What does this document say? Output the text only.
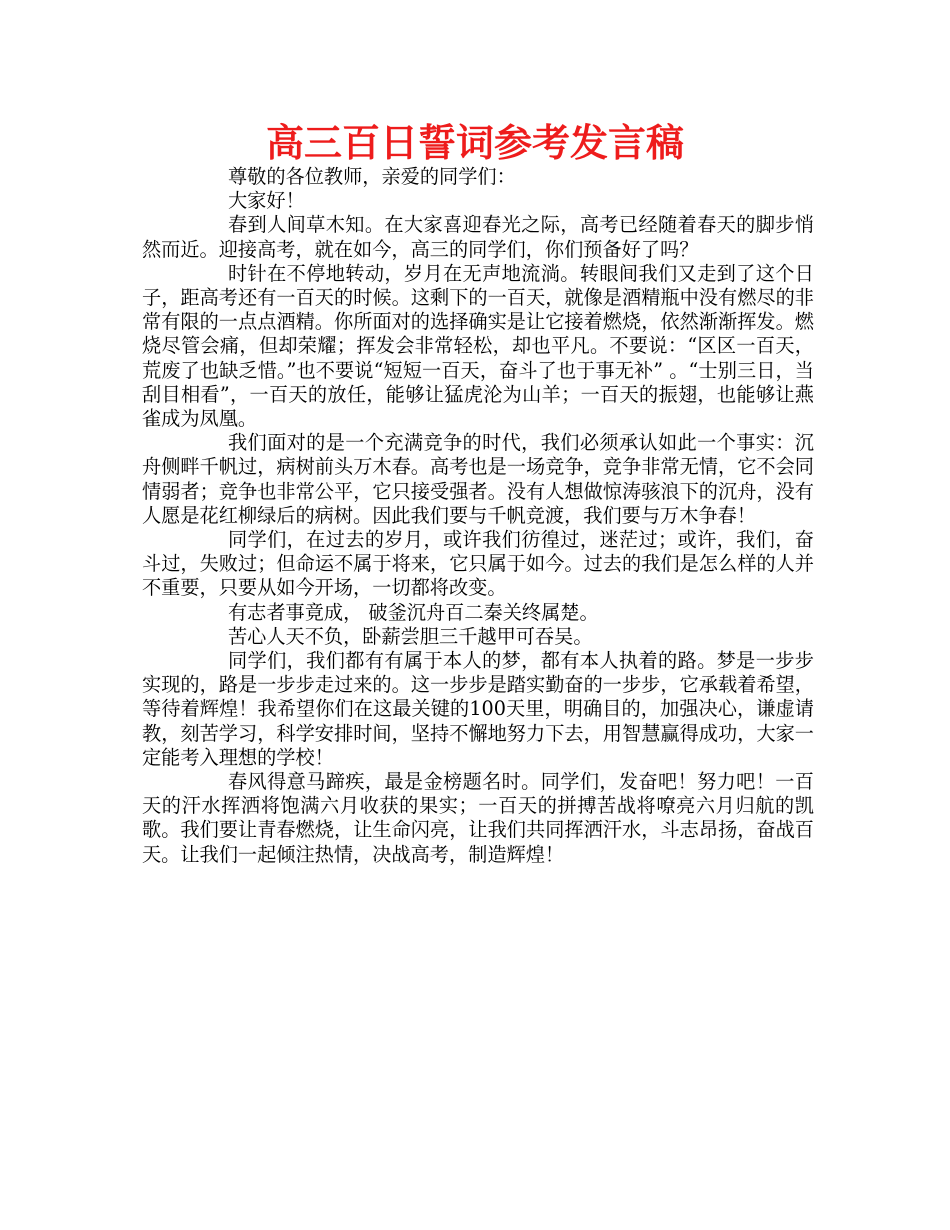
高三百日誓词参考发言稿

尊敬的各位教师，亲爱的同学们：

大家好！

春到人间草木知。在大家喜迎春光之际，高考已经随着春天的脚步悄然而近。迎接高考，就在如今，高三的同学们，你们预备好了吗？

时针在不停地转动，岁月在无声地流淌。转眼间我们又走到了这个日子，距高考还有一百天的时候。这剩下的一百天，就像是酒精瓶中没有燃尽的非常有限的一点点酒精。你所面对的选择确实是让它接着燃烧，依然渐渐挥发。燃烧尽管会痛，但却荣耀；挥发会非常轻松，却也平凡。不要说：“区区一百天，荒废了也缺乏惜。”也不要说“短短一百天，奋斗了也于事无补” 。“士别三日，当刮目相看”，一百天的放任，能够让猛虎沦为山羊；一百天的振翅，也能够让燕雀成为凤凰。

我们面对的是一个充满竞争的时代，我们必须承认如此一个事实：沉舟侧畔千帆过，病树前头万木春。高考也是一场竞争，竞争非常无情，它不会同情弱者；竞争也非常公平，它只接受强者。没有人想做惊涛骇浪下的沉舟，没有人愿是花红柳绿后的病树。因此我们要与千帆竞渡，我们要与万木争春！

同学们，在过去的岁月，或许我们彷徨过，迷茫过；或许，我们，奋斗过，失败过；但命运不属于将来，它只属于如今。过去的我们是怎么样的人并不重要，只要从如今开场，一切都将改变。

有志者事竟成， 破釜沉舟百二秦关终属楚。

苦心人天不负，卧薪尝胆三千越甲可吞吴。

同学们，我们都有有属于本人的梦，都有本人执着的路。梦是一步步实现的，路是一步步走过来的。这一步步是踏实勤奋的一步步，它承载着希望，等待着辉煌！我希望你们在这最关键的100天里，明确目的，加强决心，谦虚请教，刻苦学习，科学安排时间，坚持不懈地努力下去，用智慧赢得成功，大家一定能考入理想的学校！

春风得意马蹄疾，最是金榜题名时。同学们，发奋吧！努力吧！一百天的汗水挥洒将饱满六月收获的果实；一百天的拼搏苦战将嘹亮六月归航的凯歌。我们要让青春燃烧，让生命闪亮，让我们共同挥洒汗水，斗志昂扬，奋战百天。让我们一起倾注热情，决战高考，制造辉煌！
